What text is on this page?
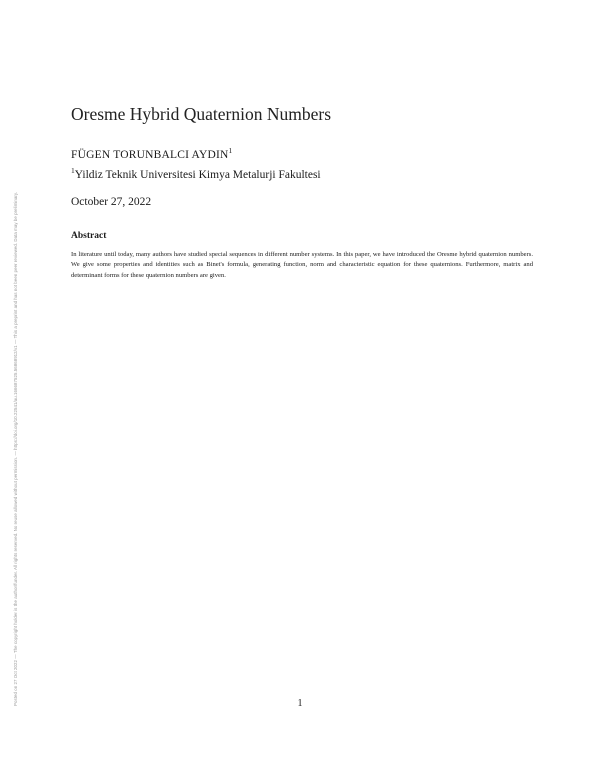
Posted on 27 Oct 2022 — The copyright holder is the author/funder. All rights reserved. No reuse allowed without permission. — https://doi.org/10.22541/au.166687525.56868912/v1 — This a preprint and has not been peer reviewed. Data may be preliminary.
Oresme Hybrid Quaternion Numbers
FÜGEN TORUNBALCI AYDIN$^1$
$^1$Yildiz Teknik Universitesi Kimya Metalurji Fakultesi
October 27, 2022
Abstract

In literature until today, many authors have studied special sequences in different number systems. In this paper, we have introduced the Oresme hybrid quaternion numbers. We give some properties and identities such as Binet's formula, generating function, norm and characteristic equation for these quaternions. Furthermore, matrix and determinant forms for these quaternion numbers are given.

1
